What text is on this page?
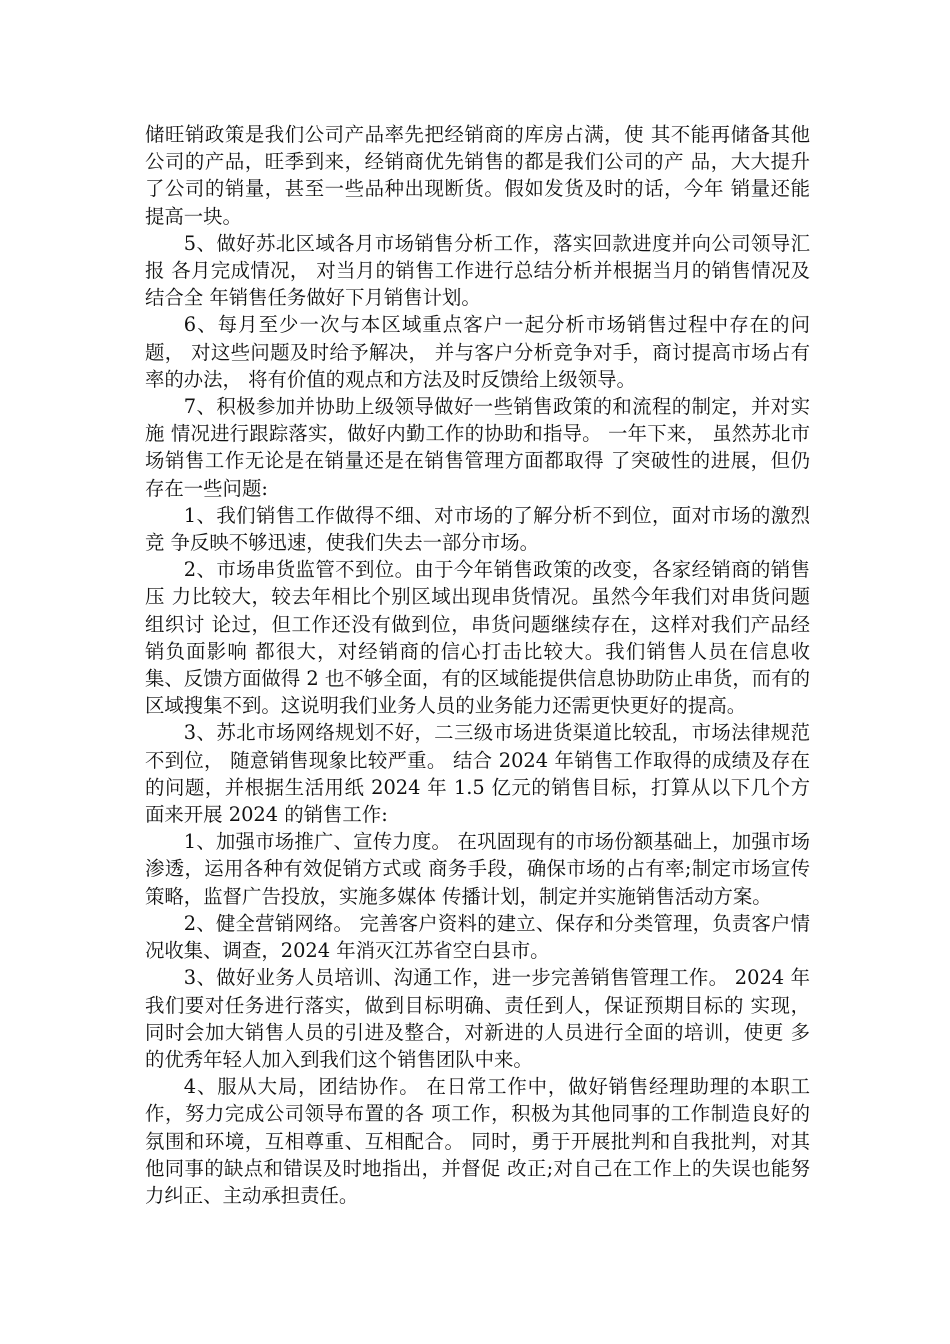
储旺销政策是我们公司产品率先把经销商的库房占满，使 其不能再储备其他公司的产品，旺季到来，经销商优先销售的都是我们公司的产 品，大大提升了公司的销量，甚至一些品种出现断货。假如发货及时的话，今年 销量还能提高一块。

5、做好苏北区域各月市场销售分析工作，落实回款进度并向公司领导汇报 各月完成情况， 对当月的销售工作进行总结分析并根据当月的销售情况及结合全 年销售任务做好下月销售计划。

6、每月至少一次与本区域重点客户一起分析市场销售过程中存在的问题， 对这些问题及时给予解决， 并与客户分析竞争对手，商讨提高市场占有率的办法， 将有价值的观点和方法及时反馈给上级领导。

7、积极参加并协助上级领导做好一些销售政策的和流程的制定，并对实施 情况进行跟踪落实，做好内勤工作的协助和指导。 一年下来， 虽然苏北市场销售工作无论是在销量还是在销售管理方面都取得 了突破性的进展，但仍存在一些问题:

1、我们销售工作做得不细、对市场的了解分析不到位，面对市场的激烈竞 争反映不够迅速，使我们失去一部分市场。

2、市场串货监管不到位。由于今年销售政策的改变，各家经销商的销售压 力比较大，较去年相比个别区域出现串货情况。虽然今年我们对串货问题组织讨 论过，但工作还没有做到位，串货问题继续存在，这样对我们产品经销负面影响 都很大，对经销商的信心打击比较大。我们销售人员在信息收集、反馈方面做得 2 也不够全面，有的区域能提供信息协助防止串货，而有的区域搜集不到。这说明我们业务人员的业务能力还需更快更好的提高。

3、苏北市场网络规划不好，二三级市场进货渠道比较乱，市场法律规范不到位， 随意销售现象比较严重。 结合 2024 年销售工作取得的成绩及存在的问题，并根据生活用纸 2024 年 1.5 亿元的销售目标，打算从以下几个方面来开展 2024 的销售工作:

1、加强市场推广、宣传力度。 在巩固现有的市场份额基础上，加强市场渗透，运用各种有效促销方式或 商务手段，确保市场的占有率;制定市场宣传策略，监督广告投放，实施多媒体 传播计划，制定并实施销售活动方案。

2、健全营销网络。 完善客户资料的建立、保存和分类管理，负责客户情况收集、调查，2024 年消灭江苏省空白县市。

3、做好业务人员培训、沟通工作，进一步完善销售管理工作。 2024 年我们要对任务进行落实，做到目标明确、责任到人，保证预期目标的 实现，同时会加大销售人员的引进及整合，对新进的人员进行全面的培训，使更 多的优秀年轻人加入到我们这个销售团队中来。

4、服从大局，团结协作。 在日常工作中，做好销售经理助理的本职工作，努力完成公司领导布置的各 项工作，积极为其他同事的工作制造良好的氛围和环境，互相尊重、互相配合。 同时，勇于开展批判和自我批判，对其他同事的缺点和错误及时地指出，并督促 改正;对自己在工作上的失误也能努力纠正、主动承担责任。
